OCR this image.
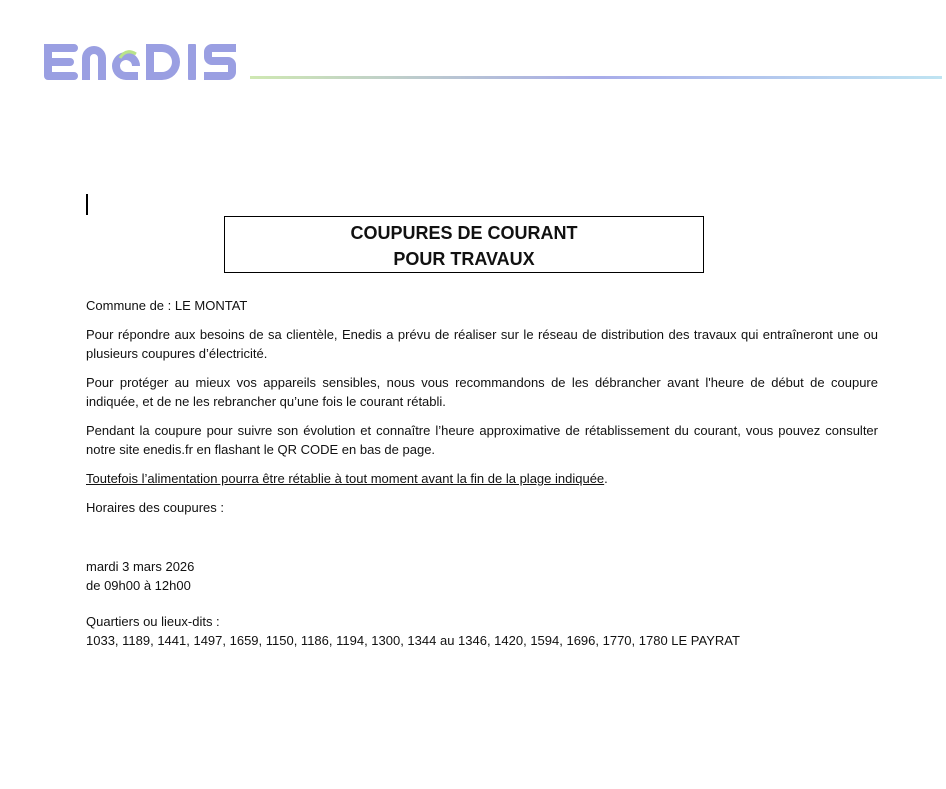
COUPURES DE COURANT
POUR TRAVAUX

Commune de : LE MONTAT

Pour répondre aux besoins de sa clientèle, Enedis a prévu de réaliser sur le réseau de distribution des travaux qui entraîneront une ou plusieurs coupures d’électricité.

Pour protéger au mieux vos appareils sensibles, nous vous recommandons de les débrancher avant l'heure de début de coupure indiquée, et de ne les rebrancher qu’une fois le courant rétabli.

Pendant la coupure pour suivre son évolution et connaître l’heure approximative de rétablissement du courant, vous pouvez consulter notre site enedis.fr en flashant le QR CODE en bas de page.

Toutefois l’alimentation pourra être rétablie à tout moment avant la fin de la plage indiquée.

Horaires des coupures :

mardi 3 mars 2026
de 09h00 à 12h00
Quartiers ou lieux-dits :
1033, 1189, 1441, 1497, 1659, 1150, 1186, 1194, 1300, 1344 au 1346, 1420, 1594, 1696, 1770, 1780 LE PAYRAT
